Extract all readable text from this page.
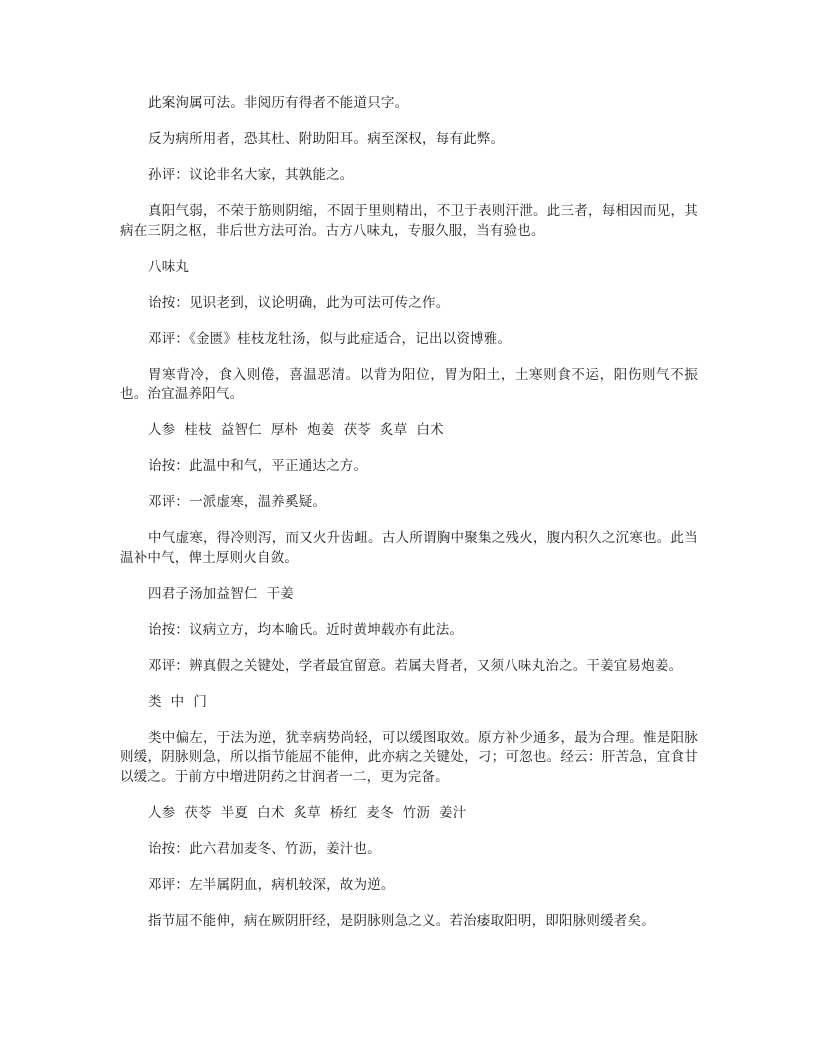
此案洵属可法。非阅历有得者不能道只字。

反为病所用者，恐其杜、附助阳耳。病至深权，每有此弊。

孙评：议论非名大家，其孰能之。

真阳气弱，不荣于筋则阴缩，不固于里则精出，不卫于表则汗泄。此三者，每相因而见，其病在三阴之枢，非后世方法可治。古方八味丸，专服久服，当有验也。

八味丸

诒按：见识老到，议论明确，此为可法可传之作。

邓评：《金匮》桂枝龙牡汤，似与此症适合，记出以资博雅。

胃寒背冷，食入则倦，喜温恶清。以背为阳位，胃为阳土，土寒则食不运，阳伤则气不振也。治宜温养阳气。

人参  桂枝  益智仁  厚朴  炮姜  茯苓  炙草  白术

诒按：此温中和气，平正通达之方。

邓评：一派虚寒，温养奚疑。

中气虚寒，得冷则泻，而又火升齿衄。古人所谓胸中聚集之残火，腹内积久之沉寒也。此当温补中气，俾土厚则火自敛。

四君子汤加益智仁  干姜

诒按：议病立方，均本喻氏。近时黄坤载亦有此法。

邓评：辨真假之关键处，学者最宜留意。若属夫肾者，又须八味丸治之。干姜宜易炮姜。

类  中  门

类中偏左，于法为逆，犹幸病势尚轻，可以缓图取效。原方补少通多，最为合理。惟是阳脉则缓，阴脉则急，所以指节能屈不能伸，此亦病之关键处，刁；可忽也。经云：肝苦急，宜食甘以缓之。于前方中增进阴药之甘润者一二，更为完备。

人参  茯苓  半夏  白术  炙草  桥红  麦冬  竹沥  姜汁

诒按：此六君加麦冬、竹沥，姜汁也。

邓评：左半属阴血，病机较深，故为逆。

指节屈不能伸，病在厥阴肝经，是阴脉则急之义。若治痿取阳明，即阳脉则缓者矣。
